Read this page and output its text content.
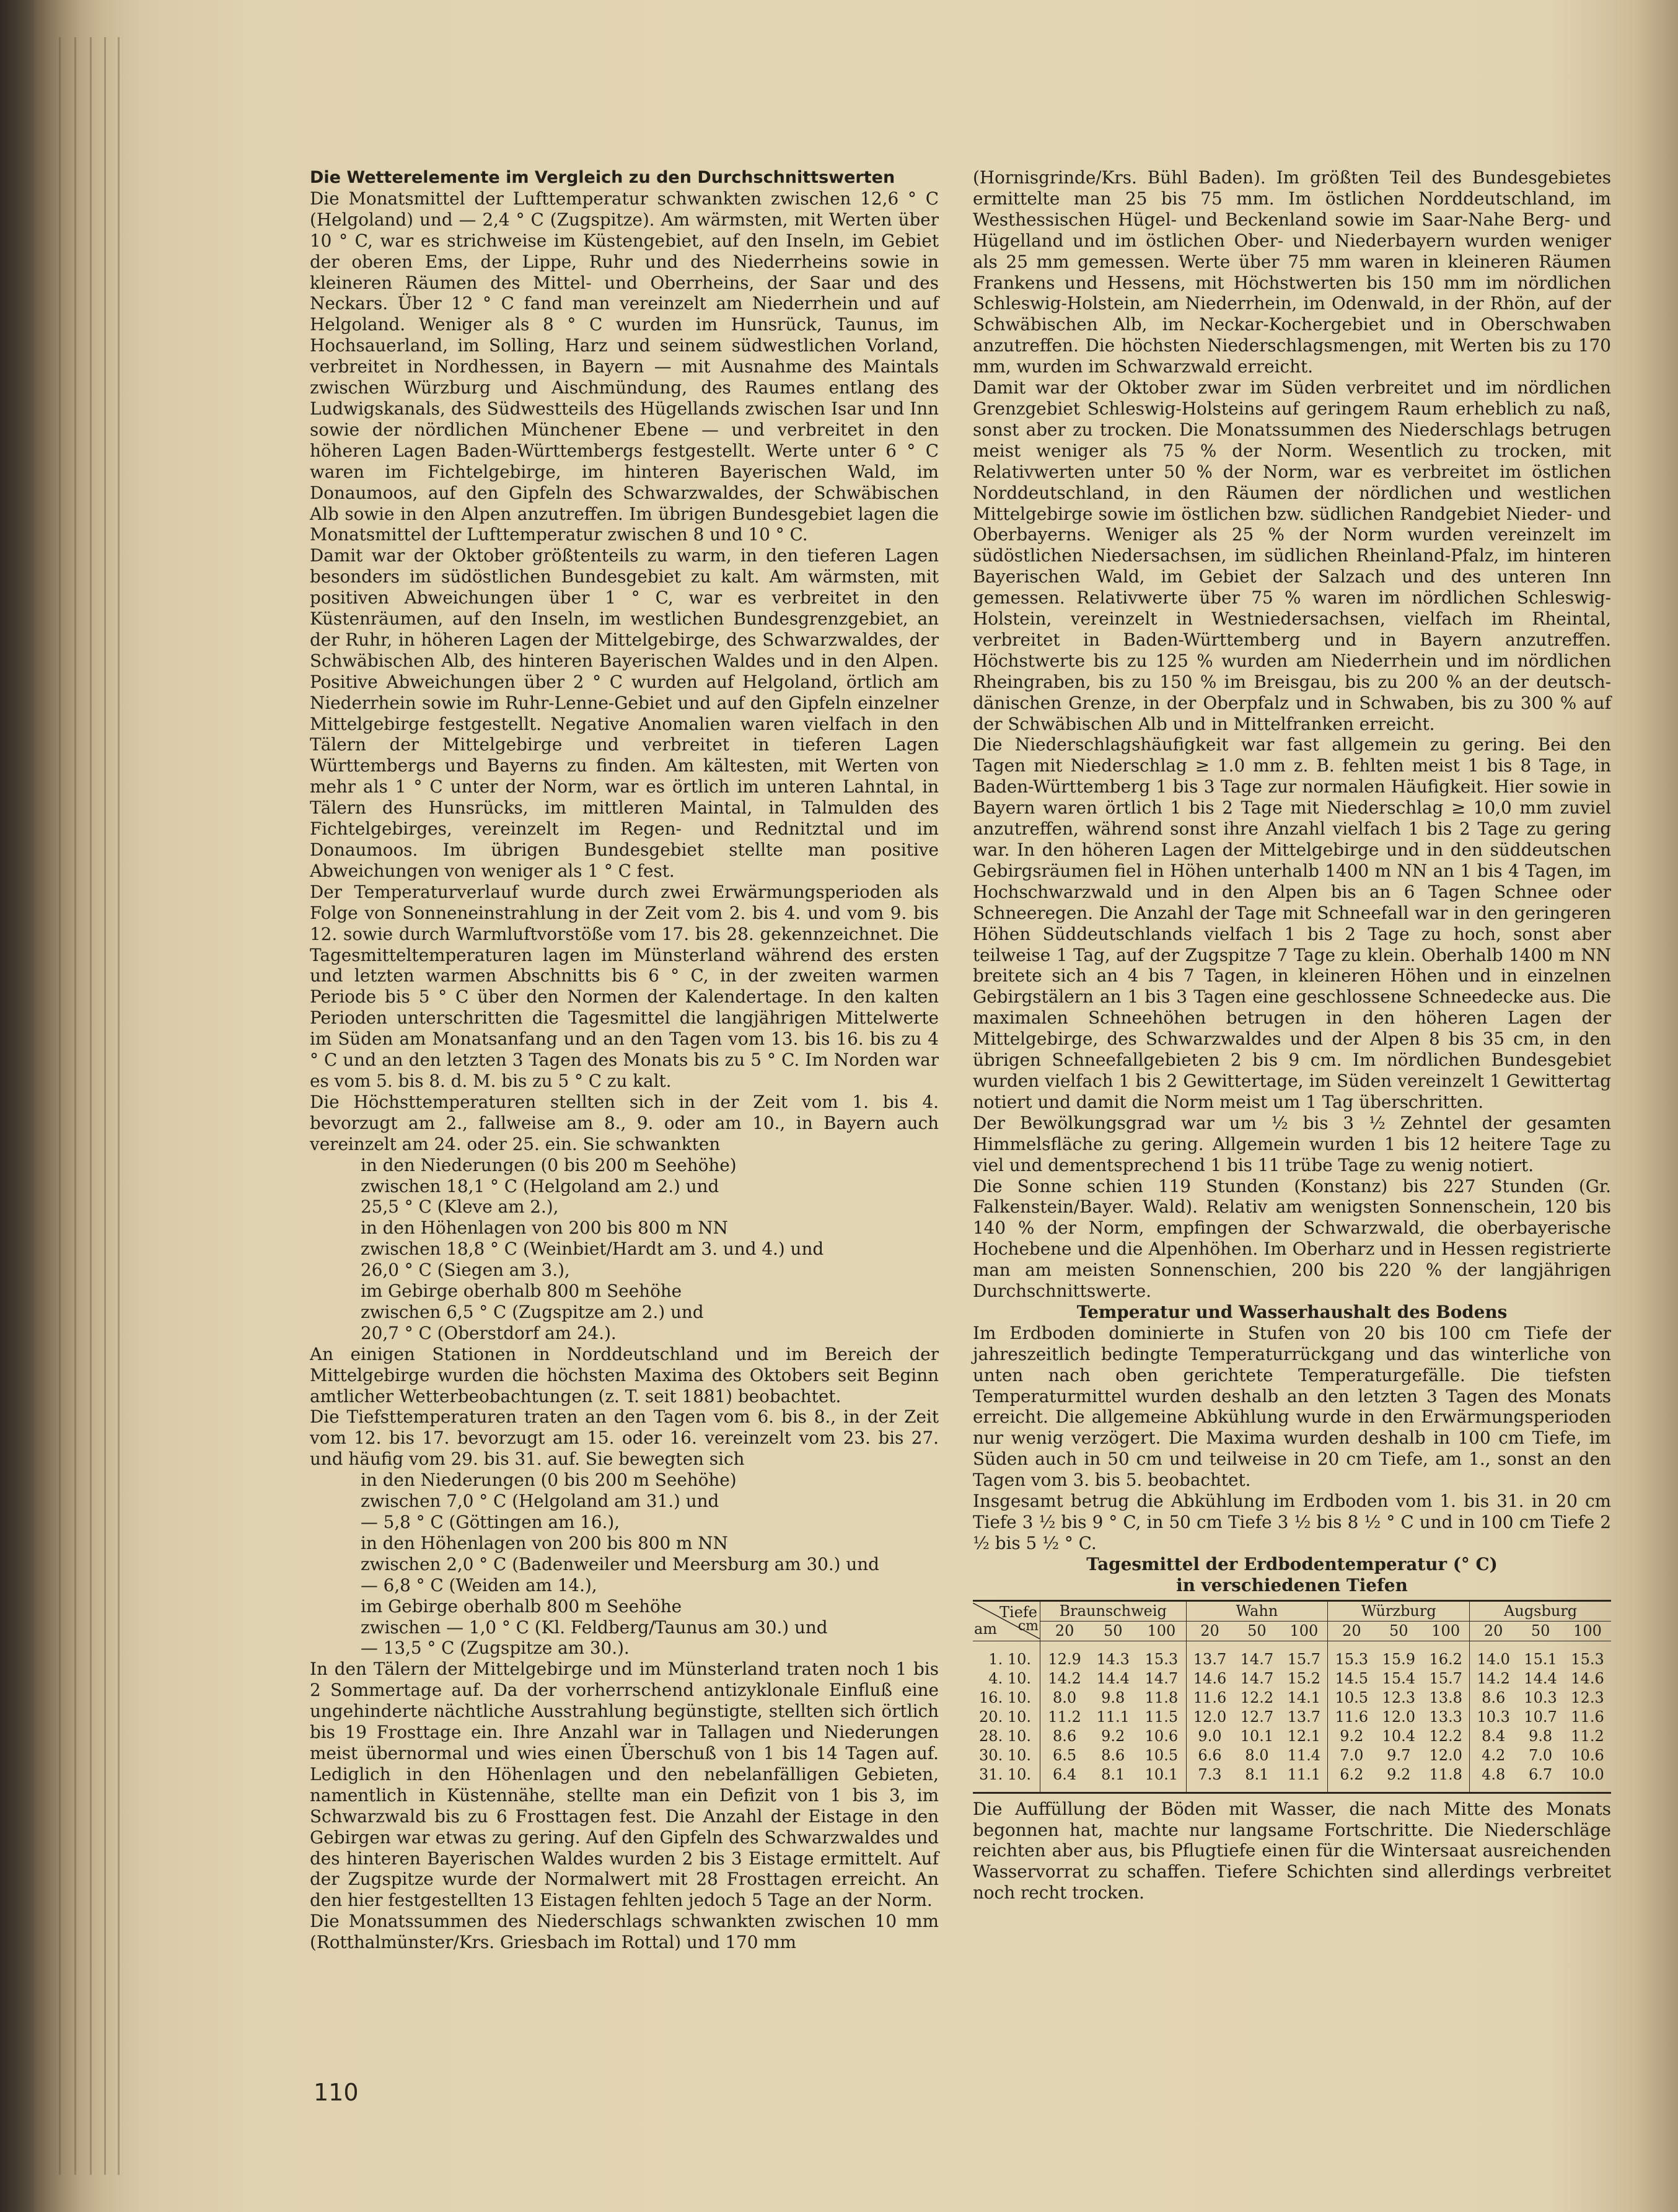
Die Wetterelemente im Vergleich zu den Durchschnittswerten

Die Monatsmittel der Lufttemperatur schwankten zwischen 12,6 ° C (Helgoland) und — 2,4 ° C (Zugspitze). Am wärmsten, mit Werten über 10 ° C, war es strichweise im Küstengebiet, auf den Inseln, im Gebiet der oberen Ems, der Lippe, Ruhr und des Niederrheins sowie in kleineren Räumen des Mittel- und Oberrheins, der Saar und des Neckars. Über 12 ° C fand man vereinzelt am Niederrhein und auf Helgoland. Weniger als 8 ° C wurden im Hunsrück, Taunus, im Hochsauerland, im Solling, Harz und seinem südwestlichen Vorland, verbreitet in Nordhessen, in Bayern — mit Ausnahme des Maintals zwischen Würzburg und Aischmündung, des Raumes entlang des Ludwigskanals, des Südwestteils des Hügellands zwischen Isar und Inn sowie der nördlichen Münchener Ebene — und verbreitet in den höheren Lagen Baden-Württembergs festgestellt. Werte unter 6 ° C waren im Fichtelgebirge, im hinteren Bayerischen Wald, im Donaumoos, auf den Gipfeln des Schwarzwaldes, der Schwäbischen Alb sowie in den Alpen anzutreffen. Im übrigen Bundesgebiet lagen die Monatsmittel der Lufttemperatur zwischen 8 und 10 ° C.

Damit war der Oktober größtenteils zu warm, in den tieferen Lagen besonders im südöstlichen Bundesgebiet zu kalt. Am wärmsten, mit positiven Abweichungen über 1 ° C, war es verbreitet in den Küstenräumen, auf den Inseln, im westlichen Bundesgrenzgebiet, an der Ruhr, in höheren Lagen der Mittelgebirge, des Schwarzwaldes, der Schwäbischen Alb, des hinteren Bayerischen Waldes und in den Alpen. Positive Abweichungen über 2 ° C wurden auf Helgoland, örtlich am Niederrhein sowie im Ruhr-Lenne-Gebiet und auf den Gipfeln einzelner Mittelgebirge festgestellt. Negative Anomalien waren vielfach in den Tälern der Mittelgebirge und verbreitet in tieferen Lagen Württembergs und Bayerns zu finden. Am kältesten, mit Werten von mehr als 1 ° C unter der Norm, war es örtlich im unteren Lahntal, in Tälern des Hunsrücks, im mittleren Maintal, in Talmulden des Fichtelgebirges, vereinzelt im Regen- und Rednitztal und im Donaumoos. Im übrigen Bundesgebiet stellte man positive Abweichungen von weniger als 1 ° C fest.

Der Temperaturverlauf wurde durch zwei Erwärmungsperioden als Folge von Sonneneinstrahlung in der Zeit vom 2. bis 4. und vom 9. bis 12. sowie durch Warmluftvorstöße vom 17. bis 28. gekennzeichnet. Die Tagesmitteltemperaturen lagen im Münsterland während des ersten und letzten warmen Abschnitts bis 6 ° C, in der zweiten warmen Periode bis 5 ° C über den Normen der Kalendertage. In den kalten Perioden unterschritten die Tagesmittel die langjährigen Mittelwerte im Süden am Monatsanfang und an den Tagen vom 13. bis 16. bis zu 4 ° C und an den letzten 3 Tagen des Monats bis zu 5 ° C. Im Norden war es vom 5. bis 8. d. M. bis zu 5 ° C zu kalt.

Die Höchsttemperaturen stellten sich in der Zeit vom 1. bis 4. bevorzugt am 2., fallweise am 8., 9. oder am 10., in Bayern auch vereinzelt am 24. oder 25. ein. Sie schwankten

in den Niederungen (0 bis 200 m Seehöhe)

zwischen 18,1 ° C (Helgoland am 2.) und

25,5 ° C (Kleve am 2.),

in den Höhenlagen von 200 bis 800 m NN

zwischen 18,8 ° C (Weinbiet/Hardt am 3. und 4.) und

26,0 ° C (Siegen am 3.),

im Gebirge oberhalb 800 m Seehöhe

zwischen 6,5 ° C (Zugspitze am 2.) und

20,7 ° C (Oberstdorf am 24.).

An einigen Stationen in Norddeutschland und im Bereich der Mittelgebirge wurden die höchsten Maxima des Oktobers seit Beginn amtlicher Wetterbeobachtungen (z. T. seit 1881) beobachtet.

Die Tiefsttemperaturen traten an den Tagen vom 6. bis 8., in der Zeit vom 12. bis 17. bevorzugt am 15. oder 16. vereinzelt vom 23. bis 27. und häufig vom 29. bis 31. auf. Sie bewegten sich

in den Niederungen (0 bis 200 m Seehöhe)

zwischen 7,0 ° C (Helgoland am 31.) und

— 5,8 ° C (Göttingen am 16.),

in den Höhenlagen von 200 bis 800 m NN

zwischen 2,0 ° C (Badenweiler und Meersburg am 30.) und

— 6,8 ° C (Weiden am 14.),

im Gebirge oberhalb 800 m Seehöhe

zwischen — 1,0 ° C (Kl. Feldberg/Taunus am 30.) und

— 13,5 ° C (Zugspitze am 30.).

In den Tälern der Mittelgebirge und im Münsterland traten noch 1 bis 2 Sommertage auf. Da der vorherrschend antizyklonale Einfluß eine ungehinderte nächtliche Ausstrahlung begünstigte, stellten sich örtlich bis 19 Frosttage ein. Ihre Anzahl war in Tallagen und Niederungen meist übernormal und wies einen Überschuß von 1 bis 14 Tagen auf. Lediglich in den Höhenlagen und den nebelanfälligen Gebieten, namentlich in Küstennähe, stellte man ein Defizit von 1 bis 3, im Schwarzwald bis zu 6 Frosttagen fest. Die Anzahl der Eistage in den Gebirgen war etwas zu gering. Auf den Gipfeln des Schwarzwaldes und des hinteren Bayerischen Waldes wurden 2 bis 3 Eistage ermittelt. Auf der Zugspitze wurde der Normalwert mit 28 Frosttagen erreicht. An den hier festgestellten 13 Eistagen fehlten jedoch 5 Tage an der Norm.

Die Monatssummen des Niederschlags schwankten zwischen 10 mm (Rotthalmünster/Krs. Griesbach im Rottal) und 170 mm

(Hornisgrinde/Krs. Bühl Baden). Im größten Teil des Bundesgebietes ermittelte man 25 bis 75 mm. Im östlichen Norddeutschland, im Westhessischen Hügel- und Beckenland sowie im Saar-Nahe Berg- und Hügelland und im östlichen Ober- und Niederbayern wurden weniger als 25 mm gemessen. Werte über 75 mm waren in kleineren Räumen Frankens und Hessens, mit Höchstwerten bis 150 mm im nördlichen Schleswig-Holstein, am Niederrhein, im Odenwald, in der Rhön, auf der Schwäbischen Alb, im Neckar-Kochergebiet und in Oberschwaben anzutreffen. Die höchsten Niederschlagsmengen, mit Werten bis zu 170 mm, wurden im Schwarzwald erreicht.

Damit war der Oktober zwar im Süden verbreitet und im nördlichen Grenzgebiet Schleswig-Holsteins auf geringem Raum erheblich zu naß, sonst aber zu trocken. Die Monatssummen des Niederschlags betrugen meist weniger als 75 % der Norm. Wesentlich zu trocken, mit Relativwerten unter 50 % der Norm, war es verbreitet im östlichen Norddeutschland, in den Räumen der nördlichen und westlichen Mittelgebirge sowie im östlichen bzw. südlichen Randgebiet Nieder- und Oberbayerns. Weniger als 25 % der Norm wurden vereinzelt im südöstlichen Niedersachsen, im südlichen Rheinland-Pfalz, im hinteren Bayerischen Wald, im Gebiet der Salzach und des unteren Inn gemessen. Relativwerte über 75 % waren im nördlichen Schleswig-Holstein, vereinzelt in Westniedersachsen, vielfach im Rheintal, verbreitet in Baden-Württemberg und in Bayern anzutreffen. Höchstwerte bis zu 125 % wurden am Niederrhein und im nördlichen Rheingraben, bis zu 150 % im Breisgau, bis zu 200 % an der deutsch-dänischen Grenze, in der Oberpfalz und in Schwaben, bis zu 300 % auf der Schwäbischen Alb und in Mittelfranken erreicht.

Die Niederschlagshäufigkeit war fast allgemein zu gering. Bei den Tagen mit Niederschlag ≥ 1.0 mm z. B. fehlten meist 1 bis 8 Tage, in Baden-Württemberg 1 bis 3 Tage zur normalen Häufigkeit. Hier sowie in Bayern waren örtlich 1 bis 2 Tage mit Niederschlag ≥ 10,0 mm zuviel anzutreffen, während sonst ihre Anzahl vielfach 1 bis 2 Tage zu gering war. In den höheren Lagen der Mittelgebirge und in den süddeutschen Gebirgsräumen fiel in Höhen unterhalb 1400 m NN an 1 bis 4 Tagen, im Hochschwarzwald und in den Alpen bis an 6 Tagen Schnee oder Schneeregen. Die Anzahl der Tage mit Schneefall war in den geringeren Höhen Süddeutschlands vielfach 1 bis 2 Tage zu hoch, sonst aber teilweise 1 Tag, auf der Zugspitze 7 Tage zu klein. Oberhalb 1400 m NN breitete sich an 4 bis 7 Tagen, in kleineren Höhen und in einzelnen Gebirgstälern an 1 bis 3 Tagen eine geschlossene Schneedecke aus. Die maximalen Schneehöhen betrugen in den höheren Lagen der Mittelgebirge, des Schwarzwaldes und der Alpen 8 bis 35 cm, in den übrigen Schneefallgebieten 2 bis 9 cm. Im nördlichen Bundesgebiet wurden vielfach 1 bis 2 Gewittertage, im Süden vereinzelt 1 Gewittertag notiert und damit die Norm meist um 1 Tag überschritten.

Der Bewölkungsgrad war um ½ bis 3 ½ Zehntel der gesamten Himmelsfläche zu gering. Allgemein wurden 1 bis 12 heitere Tage zu viel und dementsprechend 1 bis 11 trübe Tage zu wenig notiert.

Die Sonne schien 119 Stunden (Konstanz) bis 227 Stunden (Gr. Falkenstein/Bayer. Wald). Relativ am wenigsten Sonnenschein, 120 bis 140 % der Norm, empfingen der Schwarzwald, die oberbayerische Hochebene und die Alpenhöhen. Im Oberharz und in Hessen registrierte man am meisten Sonnenschien, 200 bis 220 % der langjährigen Durchschnittswerte.

Temperatur und Wasserhaushalt des Bodens

Im Erdboden dominierte in Stufen von 20 bis 100 cm Tiefe der jahreszeitlich bedingte Temperaturrückgang und das winterliche von unten nach oben gerichtete Temperaturgefälle. Die tiefsten Temperaturmittel wurden deshalb an den letzten 3 Tagen des Monats erreicht. Die allgemeine Abkühlung wurde in den Erwärmungsperioden nur wenig verzögert. Die Maxima wurden deshalb in 100 cm Tiefe, im Süden auch in 50 cm und teilweise in 20 cm Tiefe, am 1., sonst an den Tagen vom 3. bis 5. beobachtet.

Insgesamt betrug die Abkühlung im Erdboden vom 1. bis 31. in 20 cm Tiefe 3 ½ bis 9 ° C, in 50 cm Tiefe 3 ½ bis 8 ½ ° C und in 100 cm Tiefe 2 ½ bis 5 ½ ° C.

Tagesmittel der Erdbodentemperatur (° C)

in verschiedenen Tiefen

Tiefe
cm
am	Braunschweig			Wahn			Würzburg			Augsburg		
	20	50	100	20	50	100	20	50	100	20	50	100
1. 10.	12.9	14.3	15.3	13.7	14.7	15.7	15.3	15.9	16.2	14.0	15.1	15.3
4. 10.	14.2	14.4	14.7	14.6	14.7	15.2	14.5	15.4	15.7	14.2	14.4	14.6
16. 10.	8.0	9.8	11.8	11.6	12.2	14.1	10.5	12.3	13.8	8.6	10.3	12.3
20. 10.	11.2	11.1	11.5	12.0	12.7	13.7	11.6	12.0	13.3	10.3	10.7	11.6
28. 10.	8.6	9.2	10.6	9.0	10.1	12.1	9.2	10.4	12.2	8.4	9.8	11.2
30. 10.	6.5	8.6	10.5	6.6	8.0	11.4	7.0	9.7	12.0	4.2	7.0	10.6
31. 10.	6.4	8.1	10.1	7.3	8.1	11.1	6.2	9.2	11.8	4.8	6.7	10.0

Die Auffüllung der Böden mit Wasser, die nach Mitte des Monats begonnen hat, machte nur langsame Fortschritte. Die Niederschläge reichten aber aus, bis Pflugtiefe einen für die Wintersaat ausreichenden Wasservorrat zu schaffen. Tiefere Schichten sind allerdings verbreitet noch recht trocken.

110
